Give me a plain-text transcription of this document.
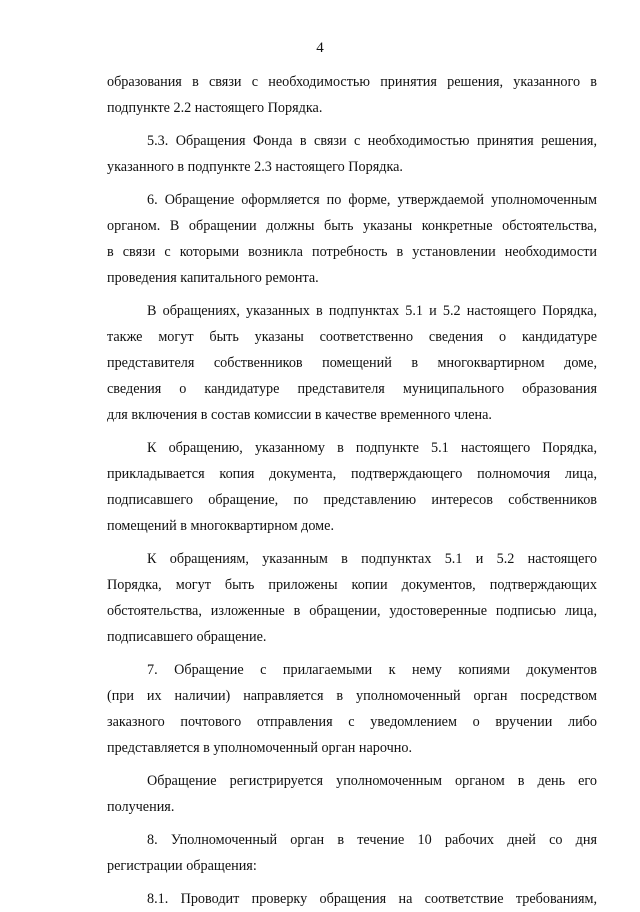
4
образования в связи с необходимостью принятия решения, указанного в
подпункте 2.2 настоящего Порядка.
5.3. Обращения Фонда в связи с необходимостью принятия решения,
указанного в подпункте 2.3 настоящего Порядка.
6. Обращение оформляется по форме, утверждаемой уполномоченным
органом. В обращении должны быть указаны конкретные обстоятельства,
в связи с которыми возникла потребность в установлении необходимости
проведения капитального ремонта.
В обращениях, указанных в подпунктах 5.1 и 5.2 настоящего Порядка,
также могут быть указаны соответственно сведения о кандидатуре
представителя собственников помещений в многоквартирном доме,
сведения о кандидатуре представителя муниципального образования
для включения в состав комиссии в качестве временного члена.
К обращению, указанному в подпункте 5.1 настоящего Порядка,
прикладывается копия документа, подтверждающего полномочия лица,
подписавшего обращение, по представлению интересов собственников
помещений в многоквартирном доме.
К обращениям, указанным в подпунктах 5.1 и 5.2 настоящего
Порядка, могут быть приложены копии документов, подтверждающих
обстоятельства, изложенные в обращении, удостоверенные подписью лица,
подписавшего обращение.
7. Обращение с прилагаемыми к нему копиями документов
(при их наличии) направляется в уполномоченный орган посредством
заказного почтового отправления с уведомлением о вручении либо
представляется в уполномоченный орган нарочно.
Обращение регистрируется уполномоченным органом в день его
получения.
8. Уполномоченный орган в течение 10 рабочих дней со дня
регистрации обращения:
8.1. Проводит проверку обращения на соответствие требованиям,
